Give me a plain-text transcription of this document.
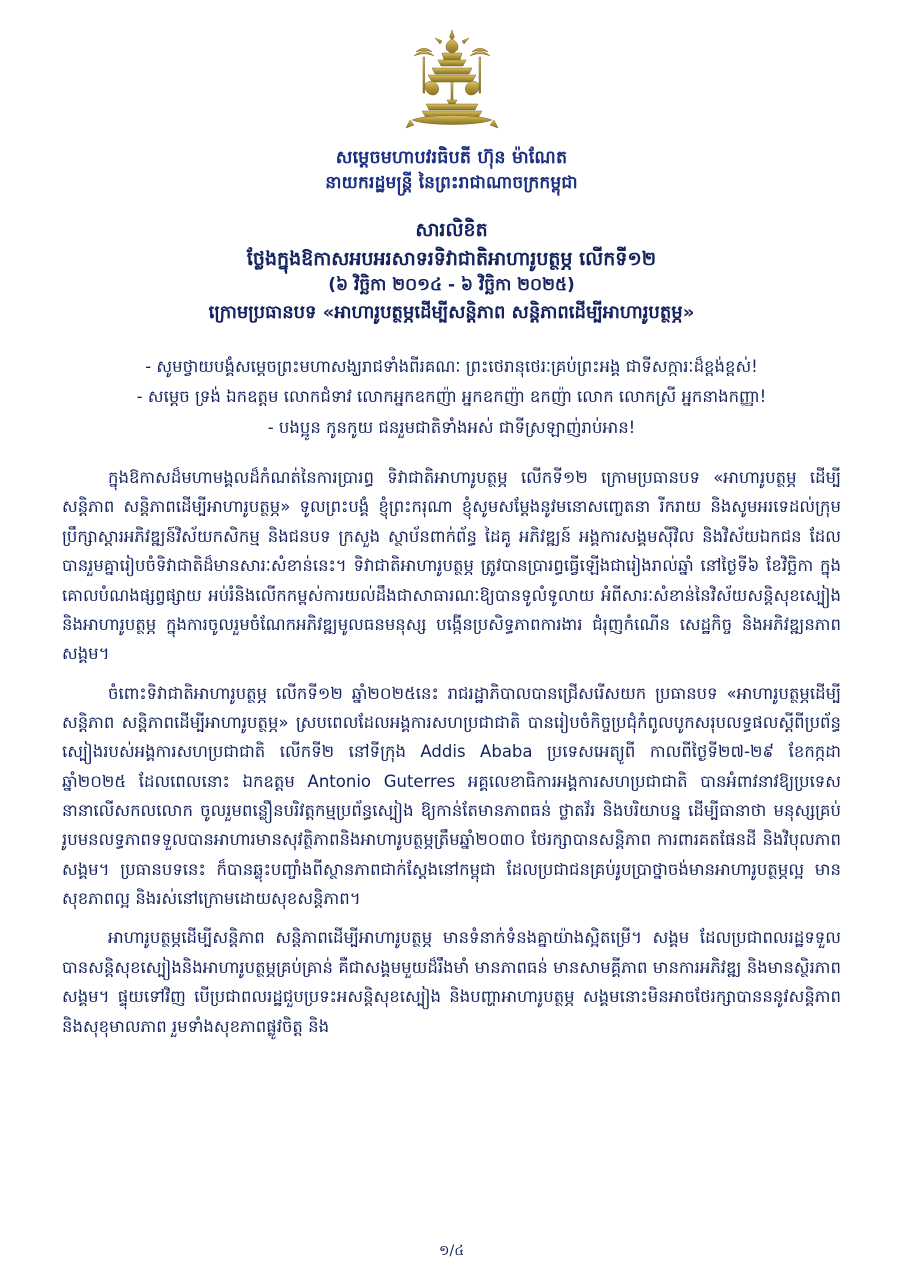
សម្តេចមហាបវរធិបតី ហ៊ុន ម៉ាណែត
នាយករដ្ឋមន្ត្រី នៃព្រះរាជាណាចក្រកម្ពុជា
សារលិខិត
ថ្លែងក្នុងឱកាសអបអរសាទរទិវាជាតិអាហារូបត្ថម្ភ លើកទី១២
(៦ វិច្ឆិកា ២០១៤ - ៦ វិច្ឆិកា ២០២៥)
ក្រោមប្រធានបទ «អាហារូបត្ថម្ភដើម្បីសន្តិភាព សន្តិភាពដើម្បីអាហារូបត្ថម្ភ»
- សូមថ្វាយបង្គំសម្តេចព្រះមហាសង្ឃរាជទាំងពីរគណៈ ព្រះថេរានុថេរៈគ្រប់ព្រះអង្គ ជាទីសក្ការៈដ៏ខ្ពង់ខ្ពស់!
- សម្តេច ទ្រង់ ឯកឧត្តម លោកជំទាវ លោកអ្នកឧកញ៉ា អ្នកឧកញ៉ា ឧកញ៉ា លោក លោកស្រី អ្នកនាងកញ្ញា!
- បងប្អូន កូនកូយ ជនរួមជាតិទាំងអស់ ជាទីស្រឡាញ់រាប់អាន!

ក្នុងឱកាសដ៏មហាមង្គលដ៏កំណត់នៃការប្រារព្ធ ទិវាជាតិអាហារូបត្ថម្ភ លើកទី១២ ក្រោមប្រធានបទ «អាហារូបត្ថម្ភ ដើម្បីសន្តិភាព សន្តិភាពដើម្បីអាហារូបត្ថម្ភ» ទូលព្រះបង្គំ ខ្ញុំព្រះករុណា ខ្ញុំសូមសម្តែងនូវមនោសញ្ចេតនា រីករាយ និងសូមអរទេដល់ក្រុមប្រឹក្សាស្តារអភិវឌ្ឍន៍វិស័យកសិកម្ម និងជនបទ ក្រសួង ស្ថាប័នពាក់ព័ន្ធ ដៃគូ អភិវឌ្ឍន៍ អង្គការសង្គមស៊ីវិល និងវិស័យឯកជន ដែលបានរួមគ្នារៀបចំទិវាជាតិដ៏មានសារៈសំខាន់នេះ។ ទិវាជាតិអាហារូបត្ថម្ភ ត្រូវបានប្រារព្ធធ្វើឡើងជារៀងរាល់ឆ្នាំ នៅថ្ងៃទី៦ ខែវិច្ឆិកា ក្នុងគោលបំណងផ្សព្វផ្សាយ អប់រំនិងលើកកម្ពស់ការយល់ដឹងជាសាធារណៈឱ្យបានទូលំទូលាយ អំពីសារៈសំខាន់នៃវិស័យសន្តិសុខស្បៀង និងអាហារូបត្ថម្ភ ក្នុងការចូលរួមចំណែកអភិវឌ្ឍមូលធនមនុស្ស បង្កើនប្រសិទ្ធភាពការងារ ជំរុញកំណើន សេដ្ឋកិច្ច និងអភិវឌ្ឍនភាពសង្គម។

ចំពោះទិវាជាតិអាហារូបត្ថម្ភ លើកទី១២ ឆ្នាំ២០២៥នេះ រាជរដ្ឋាភិបាលបានជ្រើសរើសយក ប្រធានបទ «អាហារូបត្ថម្ភដើម្បីសន្តិភាព សន្តិភាពដើម្បីអាហារូបត្ថម្ភ» ស្របពេលដែលអង្គការសហប្រជាជាតិ បានរៀបចំកិច្ចប្រជុំកំពូលបូកសរុបលទ្ធផលស្តីពីប្រព័ន្ធស្បៀងរបស់អង្គការសហប្រជាជាតិ លើកទី២ នៅទីក្រុង Addis Ababa ប្រទេសអេត្យូពី កាលពីថ្ងៃទី២៧-២៩ ខែកក្កដា ឆ្នាំ២០២៥ ដែលពេលនោះ ឯកឧត្តម Antonio Guterres អគ្គលេខាធិការអង្គការសហប្រជាជាតិ បានអំពាវនាវឱ្យប្រទេសនានាលើសកលលោក ចូលរួមពន្លឿនបរិវត្តកម្មប្រព័ន្ធស្បៀង ឱ្យកាន់តែមានភាពធន់ ថ្លាតវ័រ និងបរិយាបន្ន ដើម្បីធានាថា មនុស្សគ្រប់ រូបមនលទ្ធភាពទទួលបានអាហារមានសុវត្ថិភាពនិងអាហារូបត្ថម្ភត្រឹមឆ្នាំ២០៣០ ថែរក្សាបានសន្តិភាព ការពារគតផែនដី និងវិបុលភាពសង្គម។ ប្រធានបទនេះ ក៏បានឆ្លុះបញ្ចាំងពីស្ថានភាពជាក់ស្តែងនៅកម្ពុជា ដែលប្រជាជនគ្រប់រូបប្រាថ្នាចង់មានអាហារូបត្ថម្ភល្អ មានសុខភាពល្អ និងរស់នៅក្រោមដោយសុខសន្តិភាព។

អាហារូបត្ថម្ភដើម្បីសន្តិភាព សន្តិភាពដើម្បីអាហារូបត្ថម្ភ មានទំនាក់ទំនងគ្នាយ៉ាងស្អិតម្រើ។ សង្គម ដែលប្រជាពលរដ្ឋទទួលបានសន្តិសុខស្បៀងនិងអាហារូបត្ថម្ភគ្រប់គ្រាន់ គឺជាសង្គមមួយដ៏រឹងមាំ មានភាពធន់ មានសាមគ្គីភាព មានការអភិវឌ្ឍ និងមានស្ថិរភាពសង្គម។ ផ្ទុយទៅវិញ បើប្រជាពលរដ្ឋជួបប្រទះអសន្តិសុខស្បៀង និងបញ្ហាអាហារូបត្ថម្ភ សង្គមនោះមិនអាចថែរក្សាបានននូវសន្តិភាព និងសុខុមាលភាព រួមទាំងសុខភាពផ្លូវចិត្ត និង

១/៤
